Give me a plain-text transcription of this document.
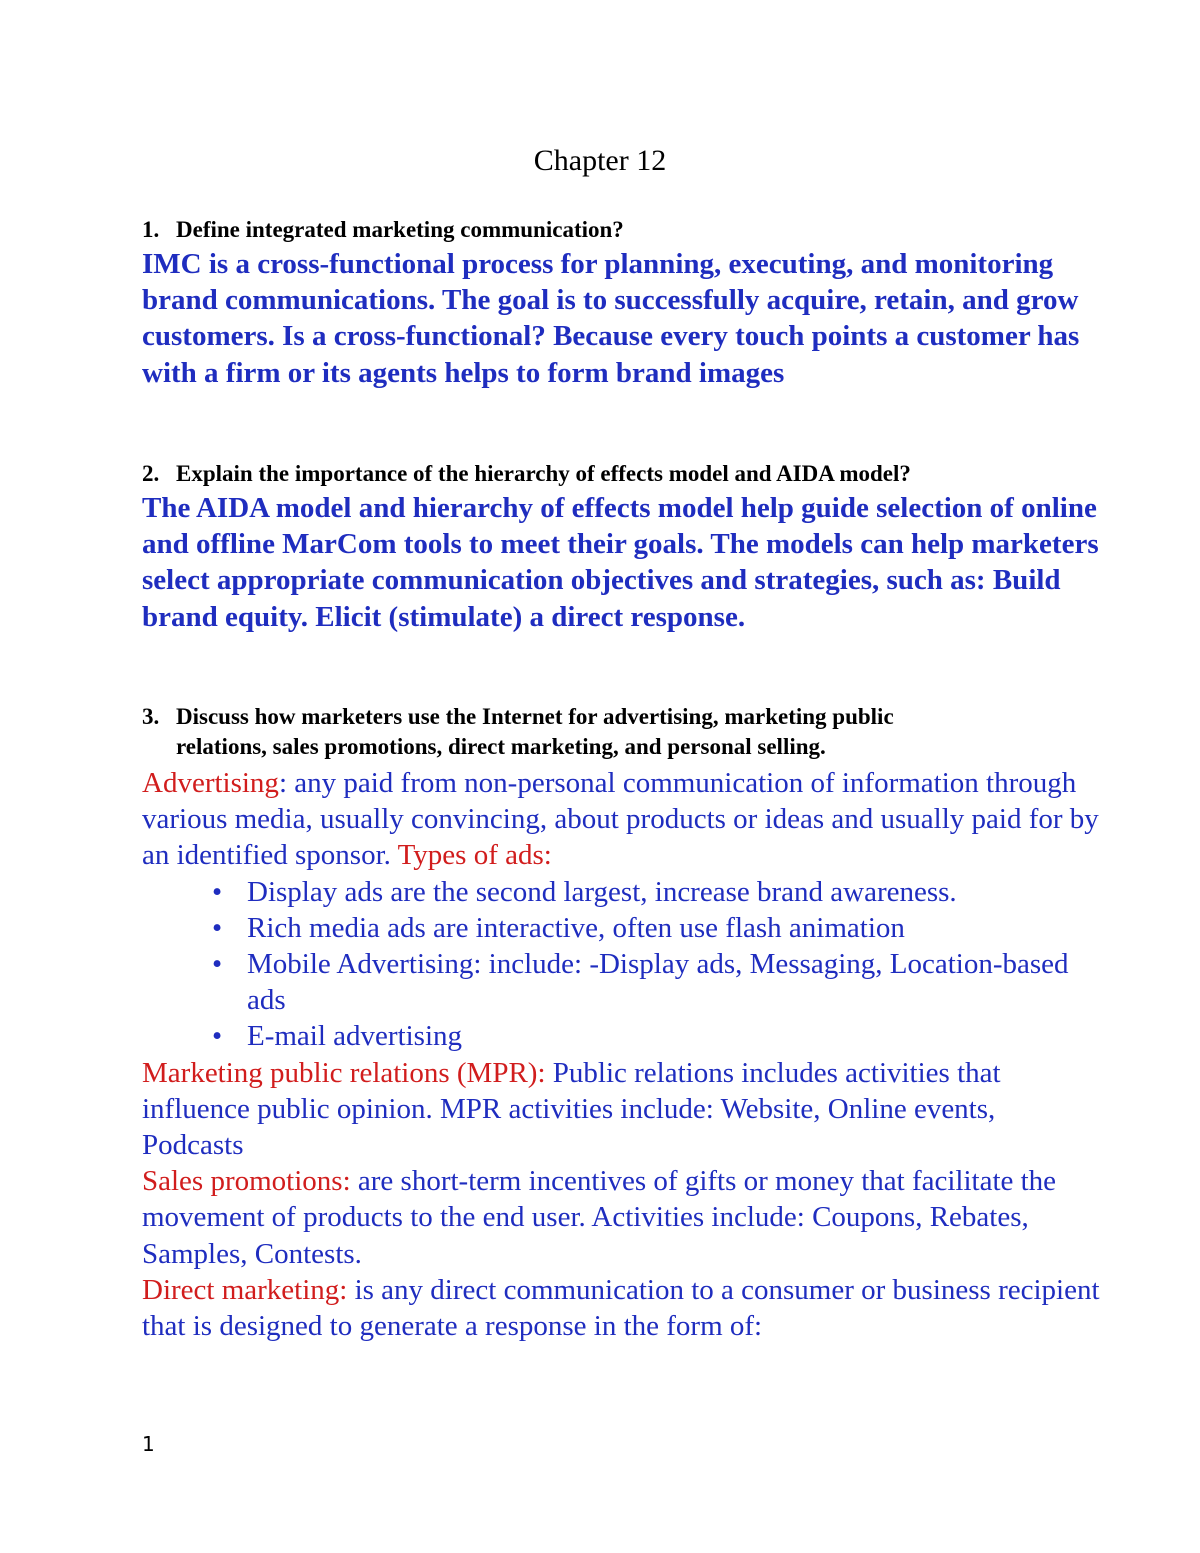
Chapter 12
1. Define integrated marketing communication?
IMC is a cross-functional process for planning, executing, and monitoring brand communications. The goal is to successfully acquire, retain, and grow customers. Is a cross-functional? Because every touch points a customer has with a firm or its agents helps to form brand images
2. Explain the importance of the hierarchy of effects model and AIDA model?
The AIDA model and hierarchy of effects model help guide selection of online and offline MarCom tools to meet their goals. The models can help marketers select appropriate communication objectives and strategies, such as: Build brand equity. Elicit (stimulate) a direct response.
3. Discuss how marketers use the Internet for advertising, marketing public
relations, sales promotions, direct marketing, and personal selling.
Advertising: any paid from non-personal communication of information through various media, usually convincing, about products or ideas and usually paid for by an identified sponsor. Types of ads:
• Display ads are the second largest, increase brand awareness.
• Rich media ads are interactive, often use flash animation
• Mobile Advertising: include: -Display ads, Messaging, Location-based ads
• E-mail advertising
Marketing public relations (MPR): Public relations includes activities that influence public opinion. MPR activities include: Website, Online events, Podcasts
Sales promotions: are short-term incentives of gifts or money that facilitate the movement of products to the end user. Activities include: Coupons, Rebates, Samples, Contests.
Direct marketing: is any direct communication to a consumer or business recipient that is designed to generate a response in the form of:
1
